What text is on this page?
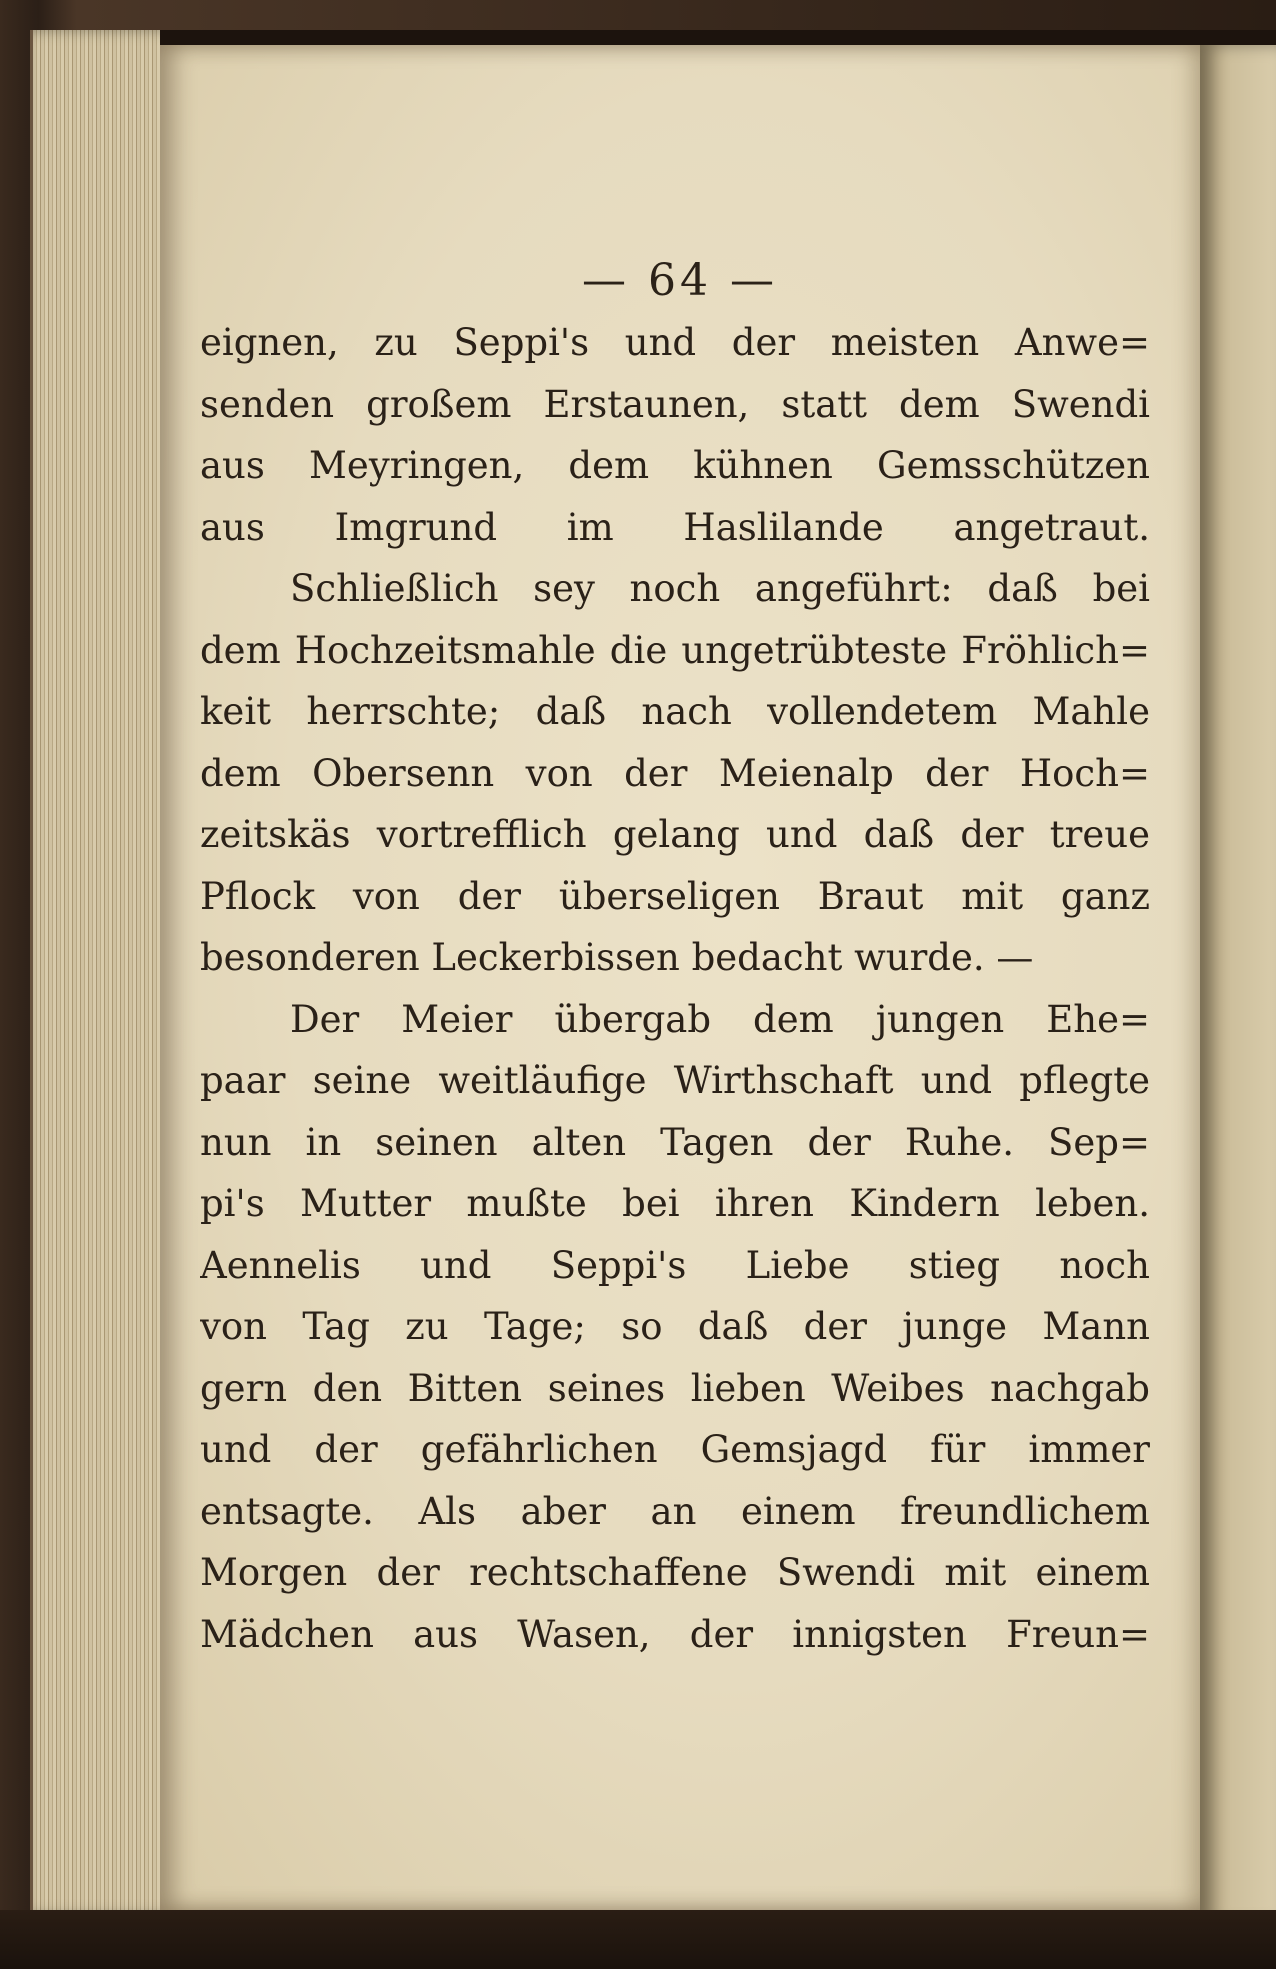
— 64 —
eignen, zu Seppi's und der meisten Anwe=
senden großem Erstaunen, statt dem Swendi
aus Meyringen, dem kühnen Gemsschützen
aus Imgrund im Haslilande angetraut.
Schließlich sey noch angeführt: daß bei
dem Hochzeitsmahle die ungetrübteste Fröhlich=
keit herrschte; daß nach vollendetem Mahle
dem Obersenn von der Meienalp der Hoch=
zeitskäs vortrefflich gelang und daß der treue
Pflock von der überseligen Braut mit ganz
besonderen Leckerbissen bedacht wurde. —
Der Meier übergab dem jungen Ehe=
paar seine weitläufige Wirthschaft und pflegte
nun in seinen alten Tagen der Ruhe. Sep=
pi's Mutter mußte bei ihren Kindern leben.
Aennelis und Seppi's Liebe stieg noch
von Tag zu Tage; so daß der junge Mann
gern den Bitten seines lieben Weibes nachgab
und der gefährlichen Gemsjagd für immer
entsagte. Als aber an einem freundlichem
Morgen der rechtschaffene Swendi mit einem
Mädchen aus Wasen, der innigsten Freun=
